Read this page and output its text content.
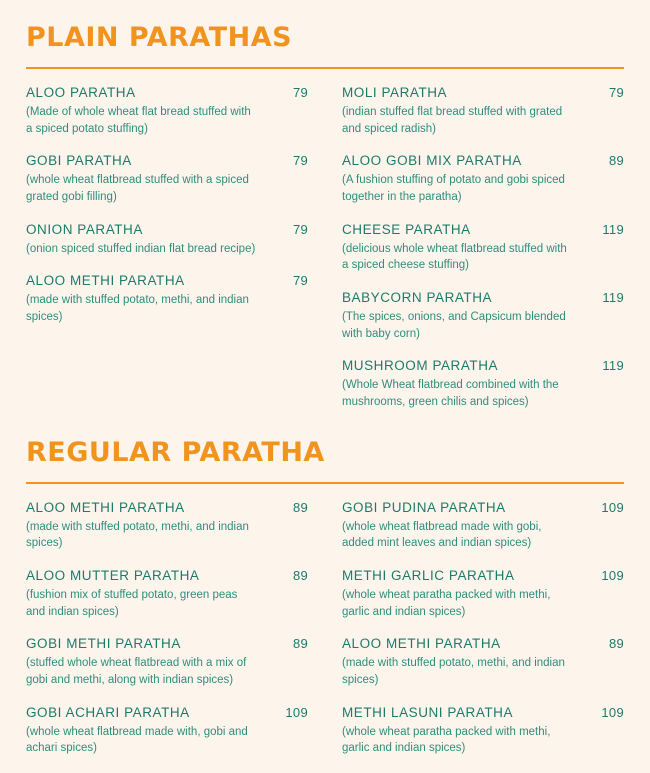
PLAIN PARATHAS
ALOO PARATHA	79
(Made of whole wheat flat bread stuffed with a spiced potato stuffing)
GOBI PARATHA	79
(whole wheat flatbread stuffed with a spiced grated gobi filling)
ONION PARATHA	79
(onion spiced stuffed indian flat bread recipe)
ALOO METHI PARATHA	79
(made with stuffed potato, methi, and indian spices)
MOLI PARATHA	79
(indian stuffed flat bread stuffed with grated and spiced radish)
ALOO GOBI MIX PARATHA	89
(A fushion stuffing of potato and gobi spiced together in the paratha)
CHEESE PARATHA	119
(delicious whole wheat flatbread stuffed with a spiced cheese stuffing)
BABYCORN PARATHA	119
(The spices, onions, and Capsicum blended with baby corn)
MUSHROOM PARATHA	119
(Whole Wheat flatbread combined with the mushrooms, green chilis and spices)
REGULAR PARATHA
ALOO METHI PARATHA	89
(made with stuffed potato, methi, and indian spices)
ALOO MUTTER PARATHA	89
(fushion mix of stuffed potato, green peas and indian spices)
GOBI METHI PARATHA	89
(stuffed whole wheat flatbread with a mix of gobi and methi, along with indian spices)
GOBI ACHARI PARATHA	109
(whole wheat flatbread made with, gobi and achari spices)
GOBI PUDINA PARATHA	109
(whole wheat flatbread made with gobi, added mint leaves and indian spices)
METHI GARLIC PARATHA	109
(whole wheat paratha packed with methi, garlic and indian spices)
ALOO METHI PARATHA	89
(made with stuffed potato, methi, and indian spices)
METHI LASUNI PARATHA	109
(whole wheat paratha packed with methi, garlic and indian spices)
